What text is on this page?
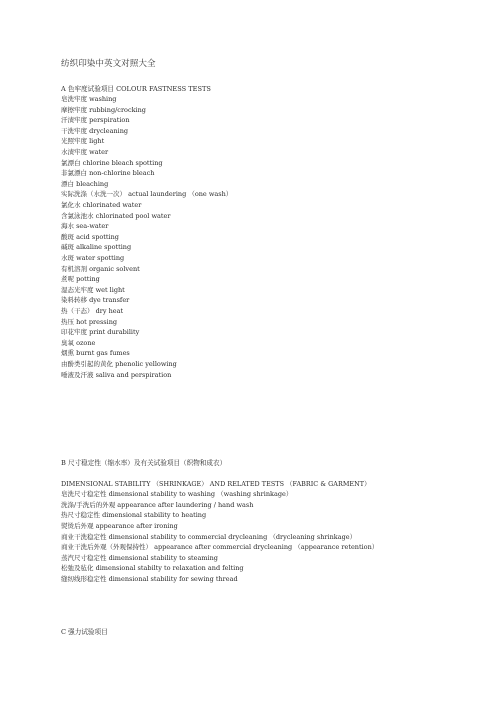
纺织印染中英文对照大全
A 色牢度试验项目 COLOUR FASTNESS TESTS
皂洗牢度 washing
摩擦牢度 rubbing/crocking
汗渍牢度 perspiration
干洗牢度 drycleaning
光照牢度 light
水渍牢度 water
氯漂白 chlorine bleach spotting
非氯漂白 non-chlorine bleach
漂白 bleaching
实际洗涤（水洗一次） actual laundering （one wash）
氯化水 chlorinated water
含氯泳池水 chlorinated pool water
海水 sea-water
酸斑 acid spotting
碱斑 alkaline spotting
水斑 water spotting
有机溶剂 organic solvent
煮呢 potting
湿态光牢度 wet light
染料转移 dye transfer
热（干态） dry heat
热压 hot pressing
印花牢度 print durability
臭氧 ozone
烟熏 burnt gas fumes
由酚类引起的黄化 phenolic yellowing
唾液及汗液 saliva and perspiration
B 尺寸稳定性（缩水率）及有关试验项目（织物和成衣）
DIMENSIONAL STABILITY （SHRINKAGE） AND RELATED TESTS （FABRIC & GARMENT）
皂洗尺寸稳定性 dimensional stability to washing （washing shrinkage）
洗涤/手洗后的外观 appearance after laundering / hand wash
热尺寸稳定性 dimensional stability to heating
熨烫后外观 appearance after ironing
商业干洗稳定性 dimensional stability to commercial drycleaning （drycleaning shrinkage）
商业干洗后外观（外观保持性） appearance after commercial drycleaning （appearance retention）
蒸汽尺寸稳定性 dimensional stability to steaming
松弛及毡化 dimensional stabilty to relaxation and felting
缝纫线形稳定性 dimensional stability for sewing thread
C 强力试验项目
